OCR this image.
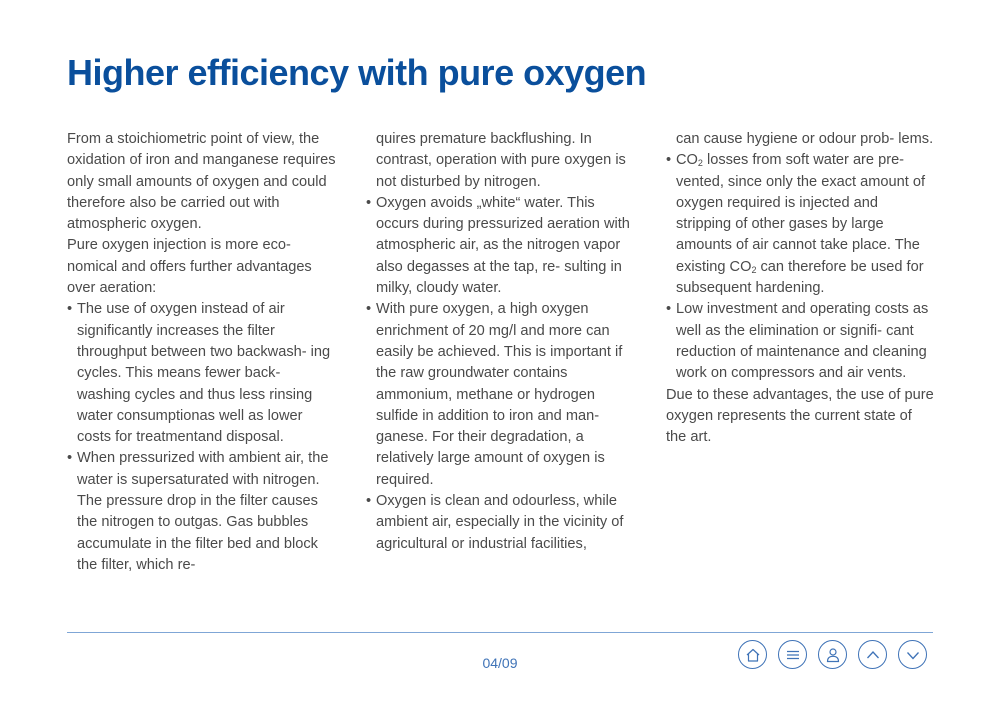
Higher efficiency with pure oxygen

From a stoichiometric point of view, the oxidation of iron and manganese requires only small amounts of oxygen and could therefore also be carried out with atmospheric oxygen.

Pure oxygen injection is more eco- nomical and offers further advantages over aeration:

• The use of oxygen instead of air significantly increases the filter throughput between two backwash- ing cycles. This means fewer back- washing cycles and thus less rinsing water consumptionas well as lower costs for treatmentand disposal.

• When pressurized with ambient air, the water is supersaturated with nitrogen. The pressure drop in the filter causes the nitrogen to outgas. Gas bubbles accumulate in the filter bed and block the filter, which re-

quires premature backflushing. In contrast, operation with pure oxygen is not disturbed by nitrogen.

• Oxygen avoids „white“ water. This occurs during pressurized aeration with atmospheric air, as the nitrogen vapor also degasses at the tap, re- sulting in milky, cloudy water.

• With pure oxygen, a high oxygen enrichment of 20 mg/l and more can easily be achieved. This is important if the raw groundwater contains ammonium, methane or hydrogen sulfide in addition to iron and man- ganese. For their degradation, a relatively large amount of oxygen is required.

• Oxygen is clean and odourless, while ambient air, especially in the vicinity of agricultural or industrial facilities,

can cause hygiene or odour prob- lems.

• $CO_2$ losses from soft water are pre- vented, since only the exact amount of oxygen required is injected and stripping of other gases by large amounts of air cannot take place. The existing $CO_2$ can therefore be used for subsequent hardening.

• Low investment and operating costs as well as the elimination or signifi- cant reduction of maintenance and cleaning work on compressors and air vents.

Due to these advantages, the use of pure oxygen represents the current state of the art.

04/09
